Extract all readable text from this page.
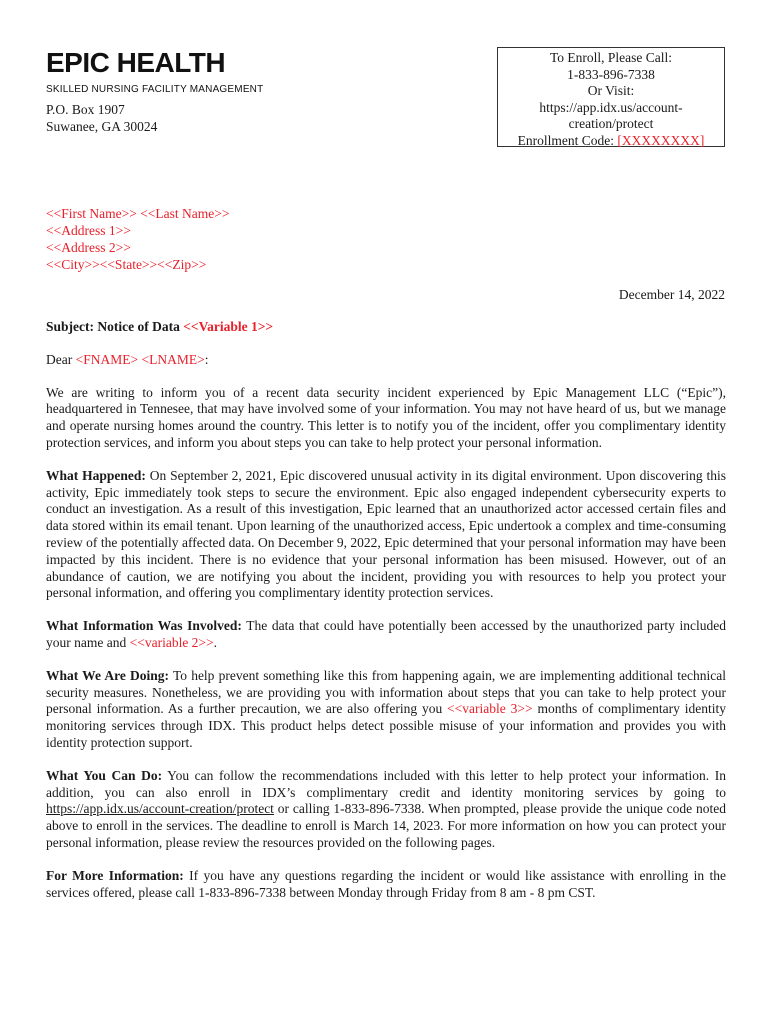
EPIC HEALTH
SKILLED NURSING FACILITY MANAGEMENT
P.O. Box 1907
Suwanee, GA 30024
To Enroll, Please Call:
1-833-896-7338
Or Visit:
https://app.idx.us/account-
creation/protect
Enrollment Code: [XXXXXXXX]
<<First Name>> <<Last Name>>
<<Address 1>>
<<Address 2>>
<<City>><<State>><<Zip>>
December 14, 2022
Subject: Notice of Data <<Variable 1>>

Dear <FNAME> <LNAME>:

We are writing to inform you of a recent data security incident experienced by Epic Management LLC (“Epic”), headquartered in Tennesee, that may have involved some of your information. You may not have heard of us, but we manage and operate nursing homes around the country. This letter is to notify you of the incident, offer you complimentary identity protection services, and inform you about steps you can take to help protect your personal information.

What Happened: On September 2, 2021, Epic discovered unusual activity in its digital environment. Upon discovering this activity, Epic immediately took steps to secure the environment. Epic also engaged independent cybersecurity experts to conduct an investigation. As a result of this investigation, Epic learned that an unauthorized actor accessed certain files and data stored within its email tenant. Upon learning of the unauthorized access, Epic undertook a complex and time-consuming review of the potentially affected data. On December 9, 2022, Epic determined that your personal information may have been impacted by this incident. There is no evidence that your personal information has been misused. However, out of an abundance of caution, we are notifying you about the incident, providing you with resources to help you protect your personal information, and offering you complimentary identity protection services.

What Information Was Involved: The data that could have potentially been accessed by the unauthorized party included your name and <<variable 2>>.

What We Are Doing: To help prevent something like this from happening again, we are implementing additional technical security measures. Nonetheless, we are providing you with information about steps that you can take to help protect your personal information. As a further precaution, we are also offering you <<variable 3>> months of complimentary identity monitoring services through IDX. This product helps detect possible misuse of your information and provides you with identity protection support.

What You Can Do: You can follow the recommendations included with this letter to help protect your information. In addition, you can also enroll in IDX’s complimentary credit and identity monitoring services by going to https://app.idx.us/account-creation/protect or calling 1-833-896-7338. When prompted, please provide the unique code noted above to enroll in the services. The deadline to enroll is March 14, 2023. For more information on how you can protect your personal information, please review the resources provided on the following pages.

For More Information: If you have any questions regarding the incident or would like assistance with enrolling in the services offered, please call 1-833-896-7338 between Monday through Friday from 8 am - 8 pm CST.
